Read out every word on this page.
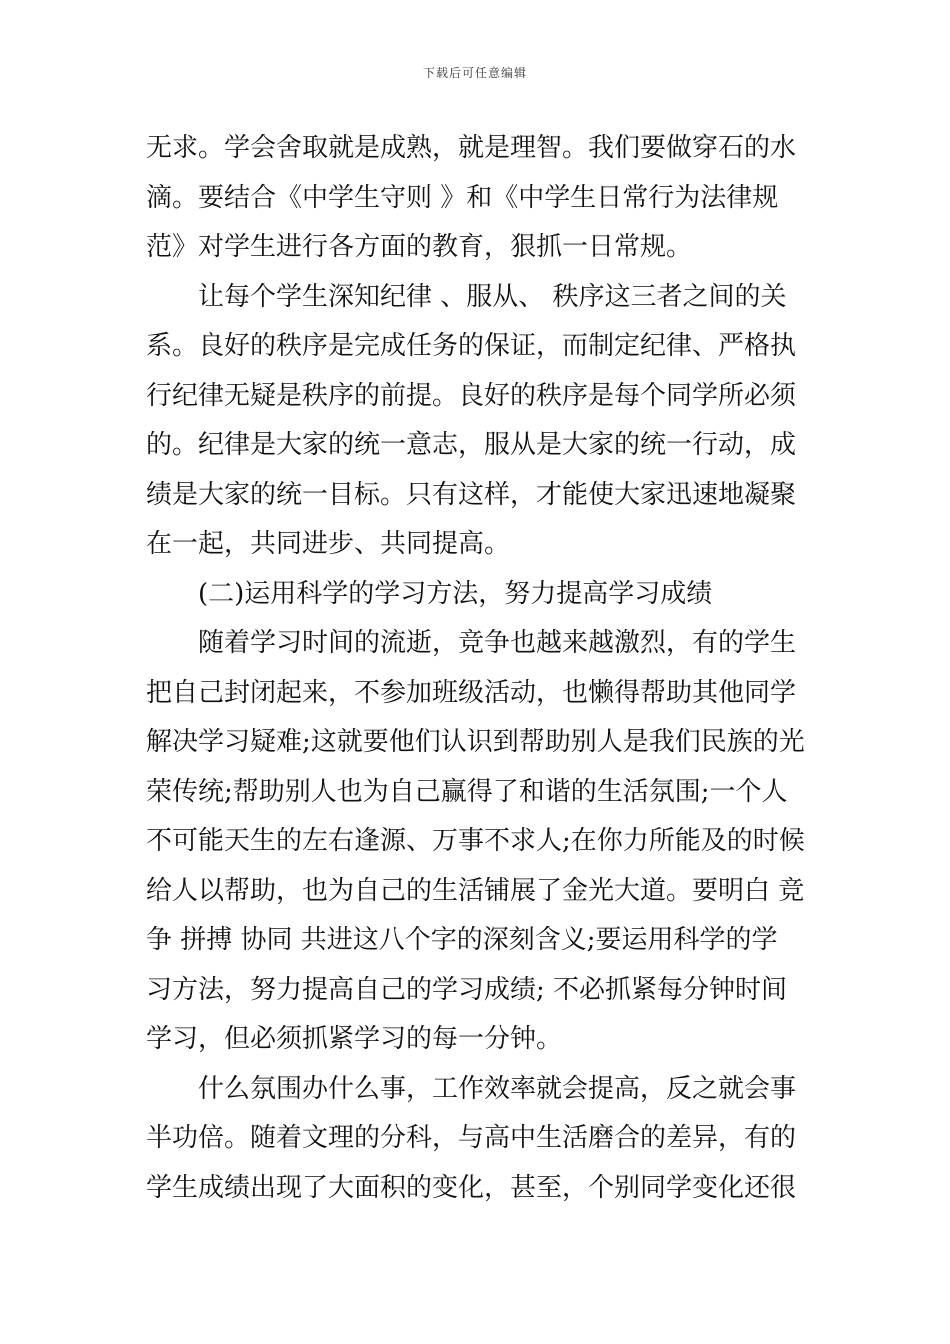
下载后可任意编辑
无求。学会舍取就是成熟，就是理智。我们要做穿石的水
滴。要结合《中学生守则 》和《中学生日常行为法律规
范》对学生进行各方面的教育，狠抓一日常规。
让每个学生深知纪律 、服从、 秩序这三者之间的关
系。良好的秩序是完成任务的保证，而制定纪律、严格执
行纪律无疑是秩序的前提。良好的秩序是每个同学所必须
的。纪律是大家的统一意志，服从是大家的统一行动，成
绩是大家的统一目标。只有这样，才能使大家迅速地凝聚
在一起，共同进步、共同提高。
(二)运用科学的学习方法，努力提高学习成绩
随着学习时间的流逝，竞争也越来越激烈，有的学生
把自己封闭起来，不参加班级活动，也懒得帮助其他同学
解决学习疑难;这就要他们认识到帮助别人是我们民族的光
荣传统;帮助别人也为自己赢得了和谐的生活氛围;一个人
不可能天生的左右逢源、万事不求人;在你力所能及的时候
给人以帮助，也为自己的生活铺展了金光大道。要明白 竞
争 拼搏 协同 共进这八个字的深刻含义;要运用科学的学
习方法，努力提高自己的学习成绩; 不必抓紧每分钟时间
学习，但必须抓紧学习的每一分钟。
什么氛围办什么事，工作效率就会提高，反之就会事
半功倍。随着文理的分科，与高中生活磨合的差异，有的
学生成绩出现了大面积的变化，甚至，个别同学变化还很
